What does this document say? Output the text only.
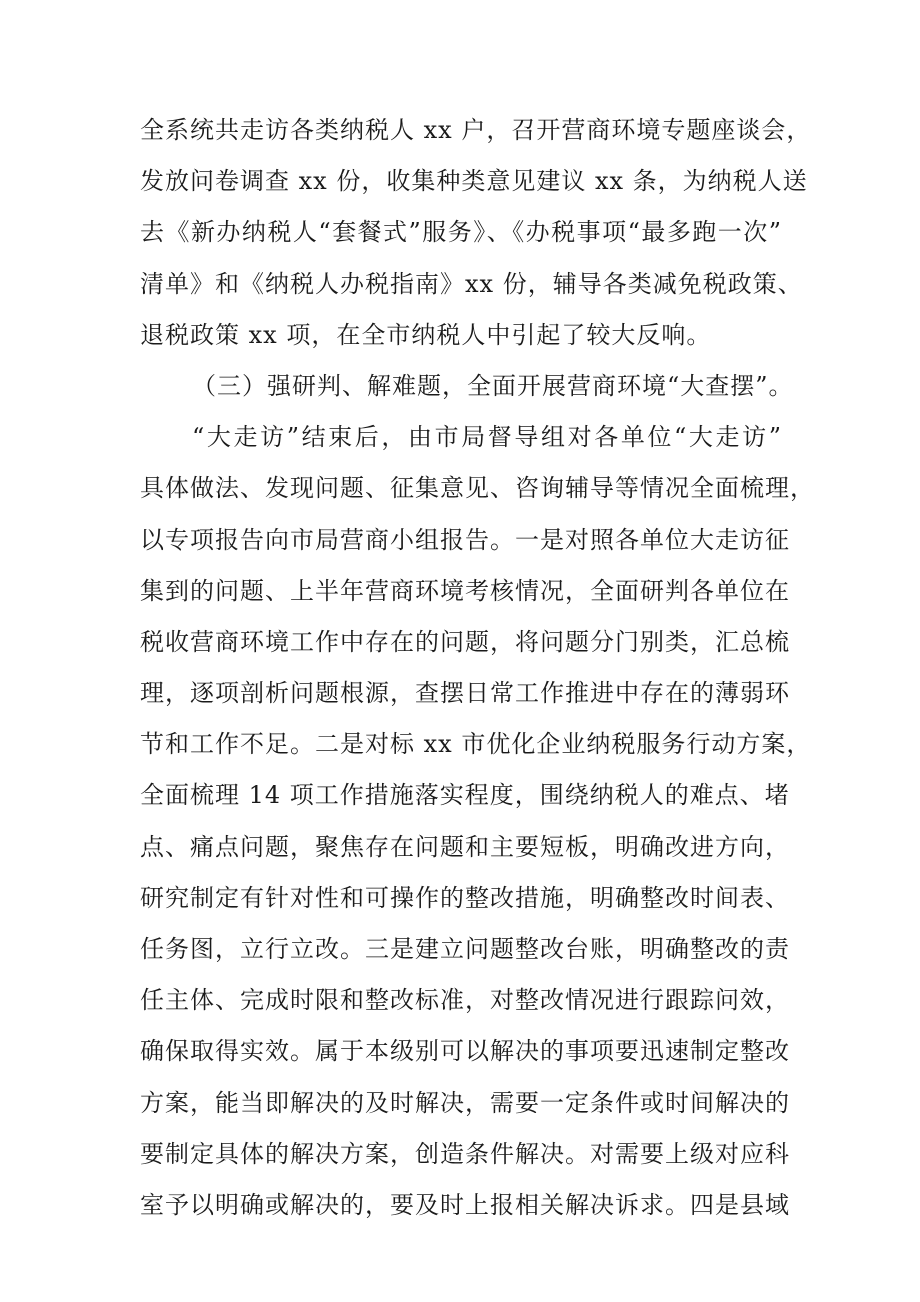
全系统共走访各类纳税人 xx 户，召开营商环境专题座谈会，
发放问卷调查 xx 份，收集种类意见建议 xx 条，为纳税人送
去《新办纳税人“套餐式”服务》、《办税事项“最多跑一次”
清单》和《纳税人办税指南》xx 份，辅导各类减免税政策、
退税政策 xx 项，在全市纳税人中引起了较大反响。
（三）强研判、解难题，全面开展营商环境“大查摆”。
“大走访”结束后，由市局督导组对各单位“大走访”
具体做法、发现问题、征集意见、咨询辅导等情况全面梳理，
以专项报告向市局营商小组报告。一是对照各单位大走访征
集到的问题、上半年营商环境考核情况，全面研判各单位在
税收营商环境工作中存在的问题，将问题分门别类，汇总梳
理，逐项剖析问题根源，查摆日常工作推进中存在的薄弱环
节和工作不足。二是对标 xx 市优化企业纳税服务行动方案，
全面梳理 14 项工作措施落实程度，围绕纳税人的难点、堵
点、痛点问题，聚焦存在问题和主要短板，明确改进方向，
研究制定有针对性和可操作的整改措施，明确整改时间表、
任务图，立行立改。三是建立问题整改台账，明确整改的责
任主体、完成时限和整改标准，对整改情况进行跟踪问效，
确保取得实效。属于本级别可以解决的事项要迅速制定整改
方案，能当即解决的及时解决，需要一定条件或时间解决的
要制定具体的解决方案，创造条件解决。对需要上级对应科
室予以明确或解决的，要及时上报相关解决诉求。四是县域
